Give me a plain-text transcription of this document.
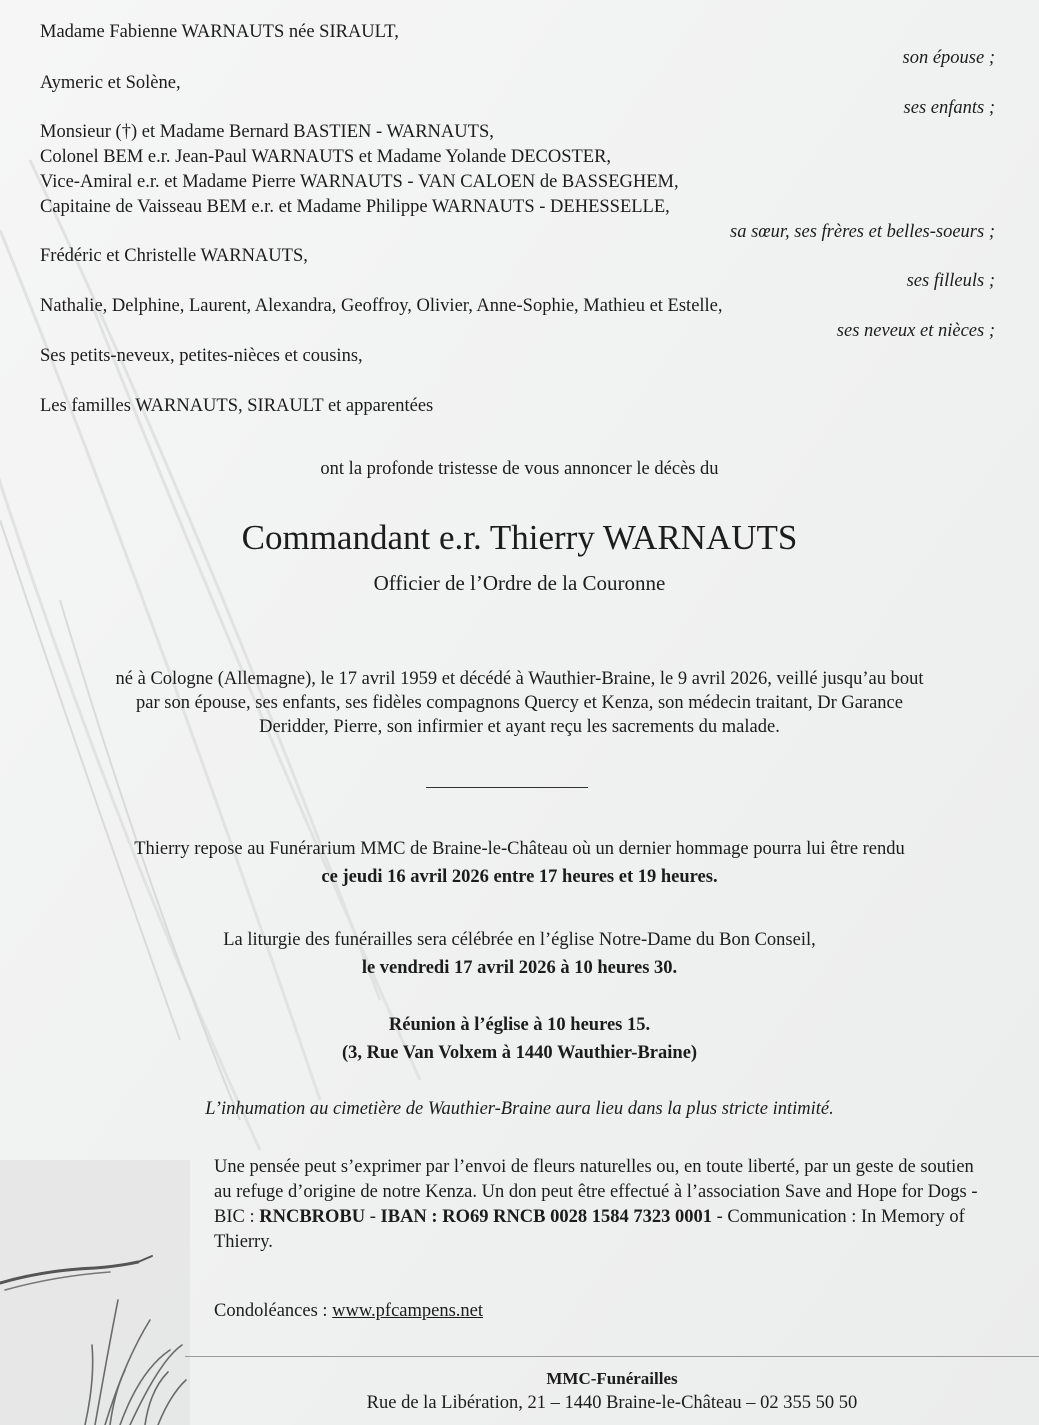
Madame Fabienne WARNAUTS née SIRAULT,
son épouse ;
Aymeric et Solène,
ses enfants ;
Monsieur (†) et Madame Bernard BASTIEN - WARNAUTS,
Colonel BEM e.r. Jean-Paul WARNAUTS et Madame Yolande DECOSTER,
Vice-Amiral e.r. et Madame Pierre WARNAUTS - VAN CALOEN de BASSEGHEM,
Capitaine de Vaisseau BEM e.r. et Madame Philippe WARNAUTS - DEHESSELLE,
sa sœur, ses frères et belles-soeurs ;
Frédéric et Christelle WARNAUTS,
ses filleuls ;
Nathalie, Delphine, Laurent, Alexandra, Geoffroy, Olivier, Anne-Sophie, Mathieu et Estelle,
ses neveux et nièces ;
Ses petits-neveux, petites-nièces et cousins,
Les familles WARNAUTS, SIRAULT et apparentées
ont la profonde tristesse de vous annoncer le décès du
Commandant e.r. Thierry WARNAUTS
Officier de l’Ordre de la Couronne
né à Cologne (Allemagne), le 17 avril 1959 et décédé à Wauthier-Braine, le 9 avril 2026, veillé jusqu’au bout
par son épouse, ses enfants, ses fidèles compagnons Quercy et Kenza, son médecin traitant, Dr Garance
Deridder, Pierre, son infirmier et ayant reçu les sacrements du malade.
Thierry repose au Funérarium MMC de Braine-le-Château où un dernier hommage pourra lui être rendu
ce jeudi 16 avril 2026 entre 17 heures et 19 heures.
La liturgie des funérailles sera célébrée en l’église Notre-Dame du Bon Conseil,
le vendredi 17 avril 2026 à 10 heures 30.
Réunion à l’église à 10 heures 15.
(3, Rue Van Volxem à 1440 Wauthier-Braine)
L’inhumation au cimetière de Wauthier-Braine aura lieu dans la plus stricte intimité.
Une pensée peut s’exprimer par l’envoi de fleurs naturelles ou, en toute liberté, par un geste de soutien au refuge d’origine de notre Kenza. Un don peut être effectué à l’association Save and Hope for Dogs - BIC : RNCBROBU - IBAN : RO69 RNCB 0028 1584 7323 0001 - Communication : In Memory of Thierry.
Condoléances : www.pfcampens.net
MMC-Funérailles
Rue de la Libération, 21 – 1440 Braine-le-Château – 02 355 50 50
